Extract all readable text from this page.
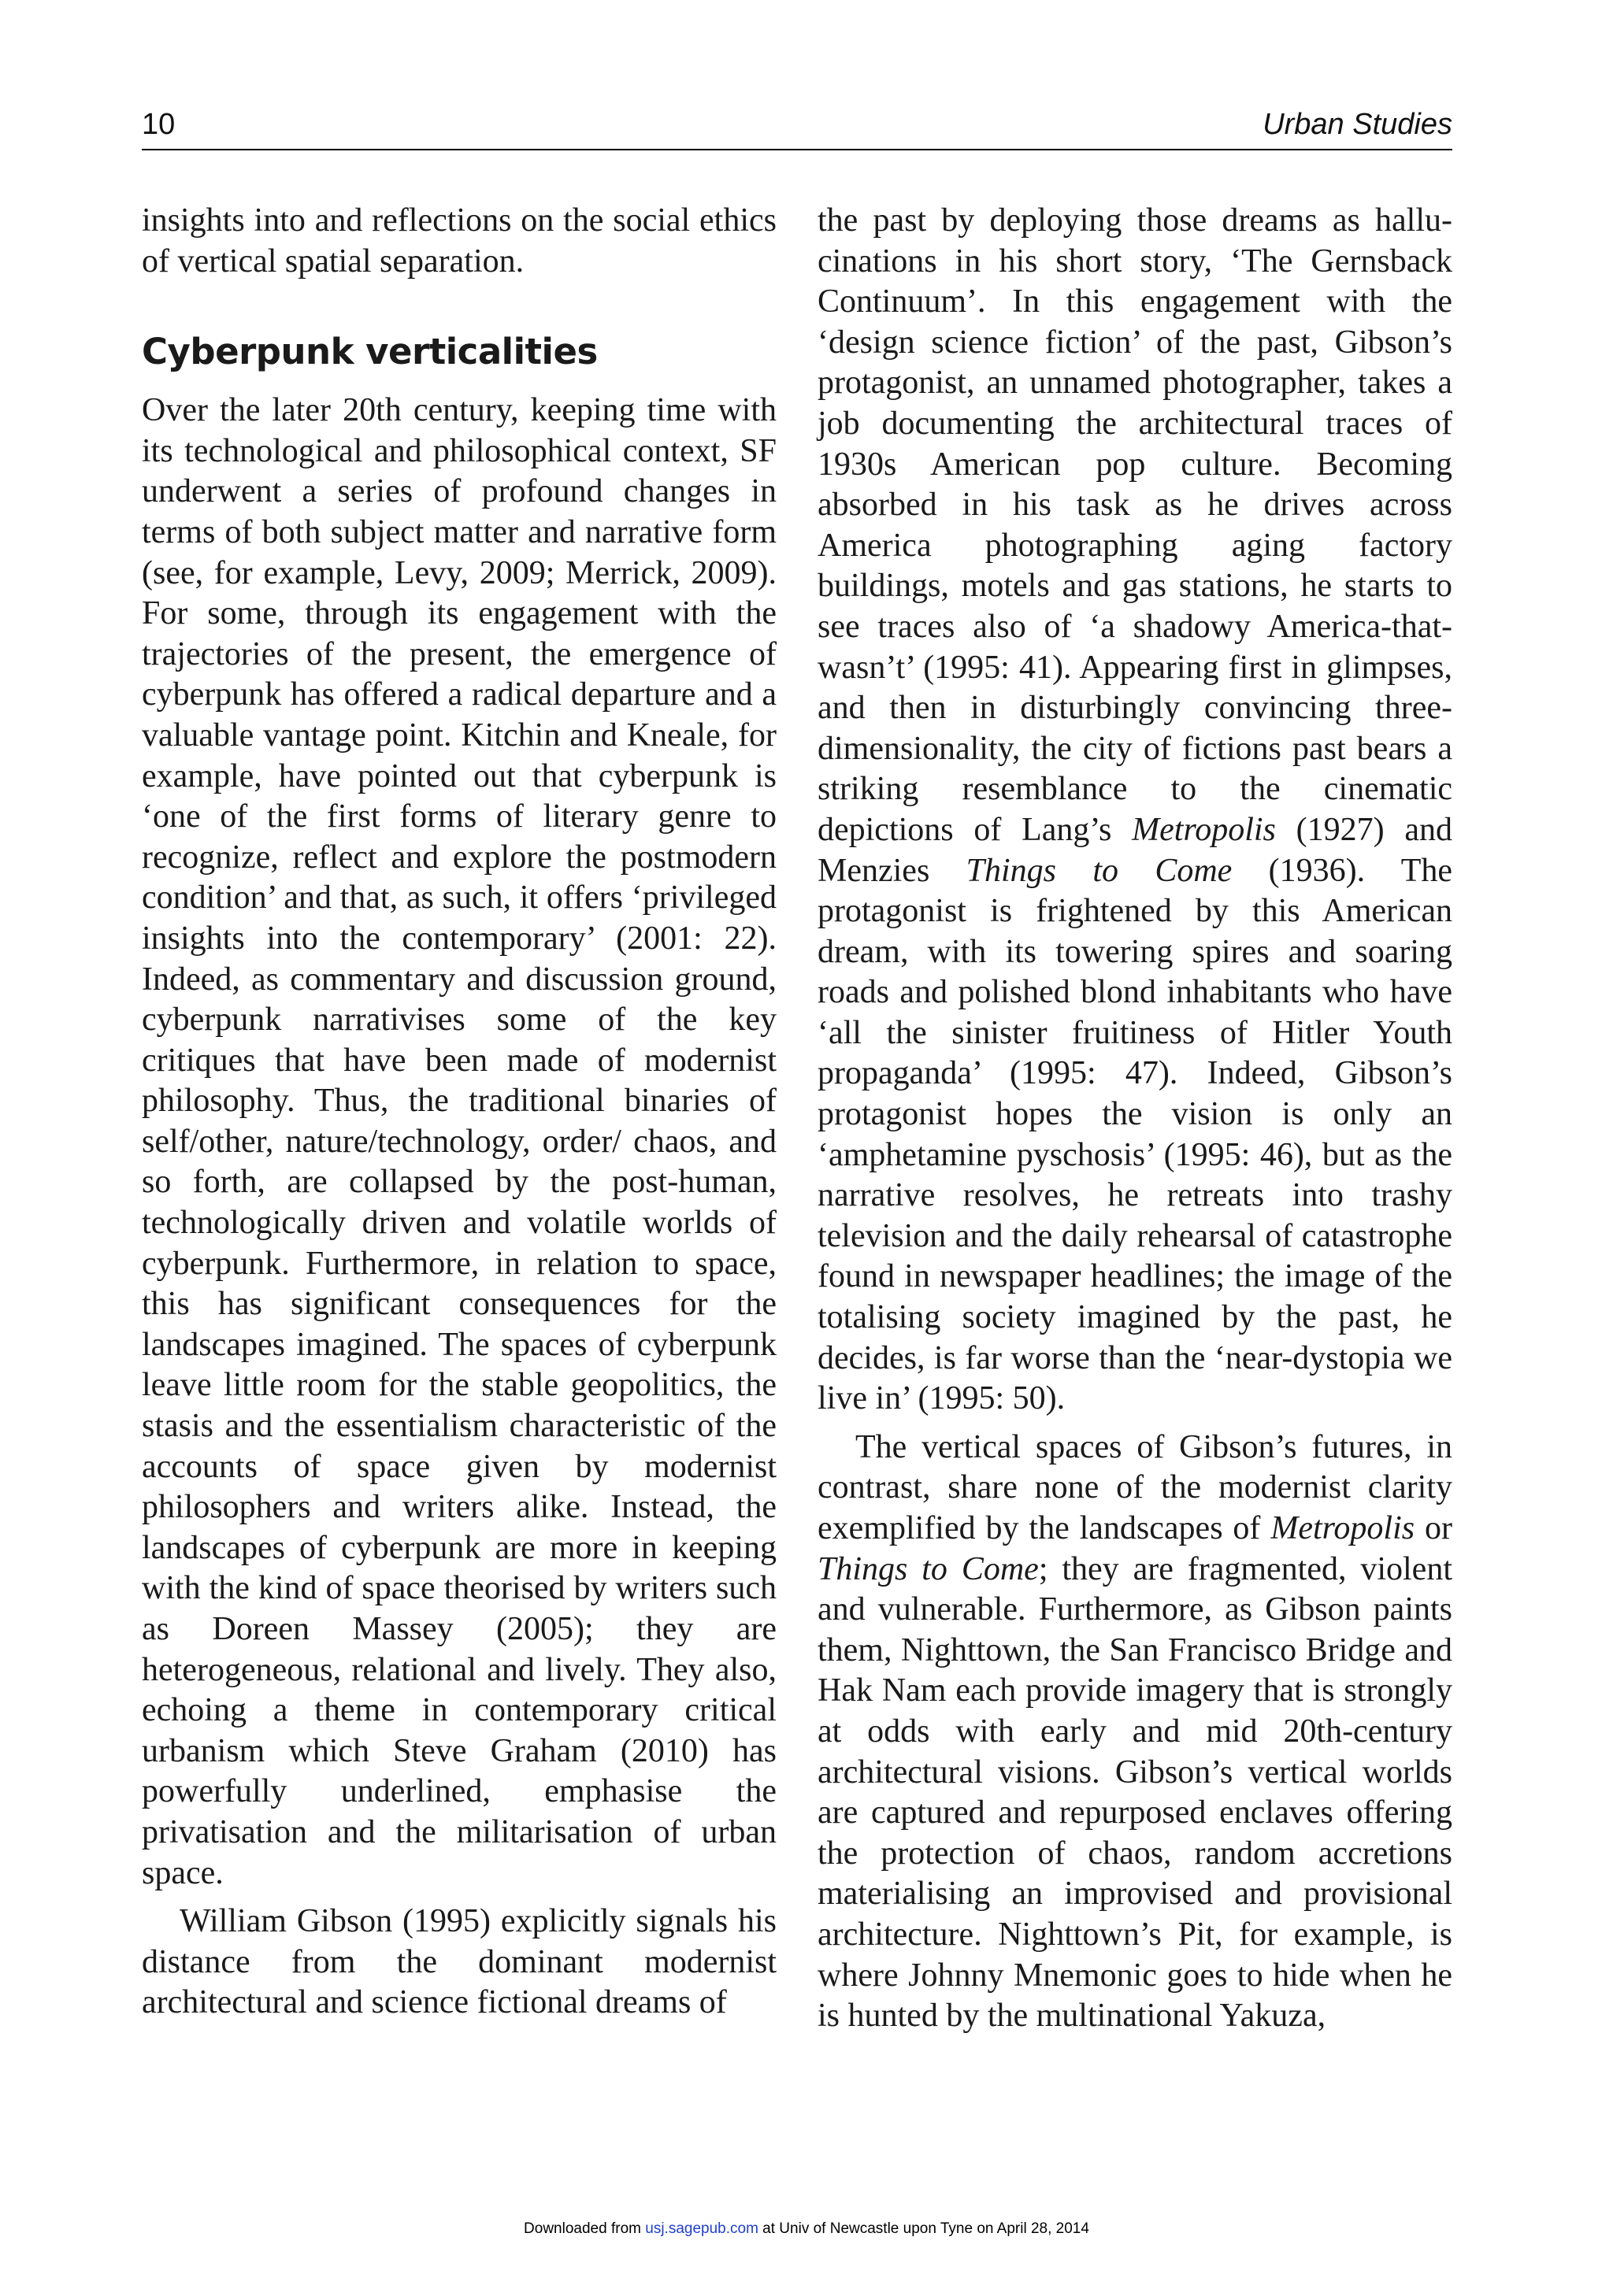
10	Urban Studies

insights into and reflections on the social ethics of vertical spatial separation.

Cyberpunk verticalities

Over the later 20th century, keeping time with its technological and philosophical context, SF underwent a series of profound changes in terms of both subject matter and narrative form (see, for example, Levy, 2009; Merrick, 2009). For some, through its engagement with the trajectories of the present, the emergence of cyberpunk has offered a radical departure and a valuable vantage point. Kitchin and Kneale, for example, have pointed out that cyberpunk is ‘one of the first forms of literary genre to recognize, reflect and explore the postmodern condition’ and that, as such, it offers ‘privileged insights into the contemporary’ (2001: 22). Indeed, as commentary and discussion ground, cyberpunk narrativises some of the key critiques that have been made of modernist philosophy. Thus, the traditional binaries of self/other, nature/technology, order/ chaos, and so forth, are collapsed by the post-human, technologically driven and volatile worlds of cyberpunk. Furthermore, in relation to space, this has significant consequences for the landscapes imagined. The spaces of cyberpunk leave little room for the stable geopolitics, the stasis and the essentialism characteristic of the accounts of space given by modernist philosophers and writers alike. Instead, the landscapes of cyberpunk are more in keeping with the kind of space theorised by writers such as Doreen Massey (2005); they are heterogeneous, relational and lively. They also, echoing a theme in contemporary critical urbanism which Steve Graham (2010) has powerfully underlined, emphasise the privatisation and the militarisation of urban space.

William Gibson (1995) explicitly signals his distance from the dominant modernist architectural and science fictional dreams of

the past by deploying those dreams as hallucinations in his short story, ‘The Gernsback Continuum’. In this engagement with the ‘design science fiction’ of the past, Gibson’s protagonist, an unnamed photographer, takes a job documenting the architectural traces of 1930s American pop culture. Becoming absorbed in his task as he drives across America photographing aging factory buildings, motels and gas stations, he starts to see traces also of ‘a shadowy America-that-wasn’t’ (1995: 41). Appearing first in glimpses, and then in disturbingly convincing three-dimensionality, the city of fictions past bears a striking resemblance to the cinematic depictions of Lang’s Metropolis (1927) and Menzies Things to Come (1936). The protagonist is frightened by this American dream, with its towering spires and soaring roads and polished blond inhabitants who have ‘all the sinister fruitiness of Hitler Youth propaganda’ (1995: 47). Indeed, Gibson’s protagonist hopes the vision is only an ‘amphetamine pyschosis’ (1995: 46), but as the narrative resolves, he retreats into trashy television and the daily rehearsal of catastrophe found in newspaper headlines; the image of the totalising society imagined by the past, he decides, is far worse than the ‘near-dystopia we live in’ (1995: 50).

The vertical spaces of Gibson’s futures, in contrast, share none of the modernist clarity exemplified by the landscapes of Metropolis or Things to Come; they are fragmented, violent and vulnerable. Furthermore, as Gibson paints them, Nighttown, the San Francisco Bridge and Hak Nam each provide imagery that is strongly at odds with early and mid 20th-century architectural visions. Gibson’s vertical worlds are captured and repurposed enclaves offering the protection of chaos, random accretions materialising an improvised and provisional architecture. Nighttown’s Pit, for example, is where Johnny Mnemonic goes to hide when he is hunted by the multinational Yakuza,

Downloaded from usj.sagepub.com at Univ of Newcastle upon Tyne on April 28, 2014
